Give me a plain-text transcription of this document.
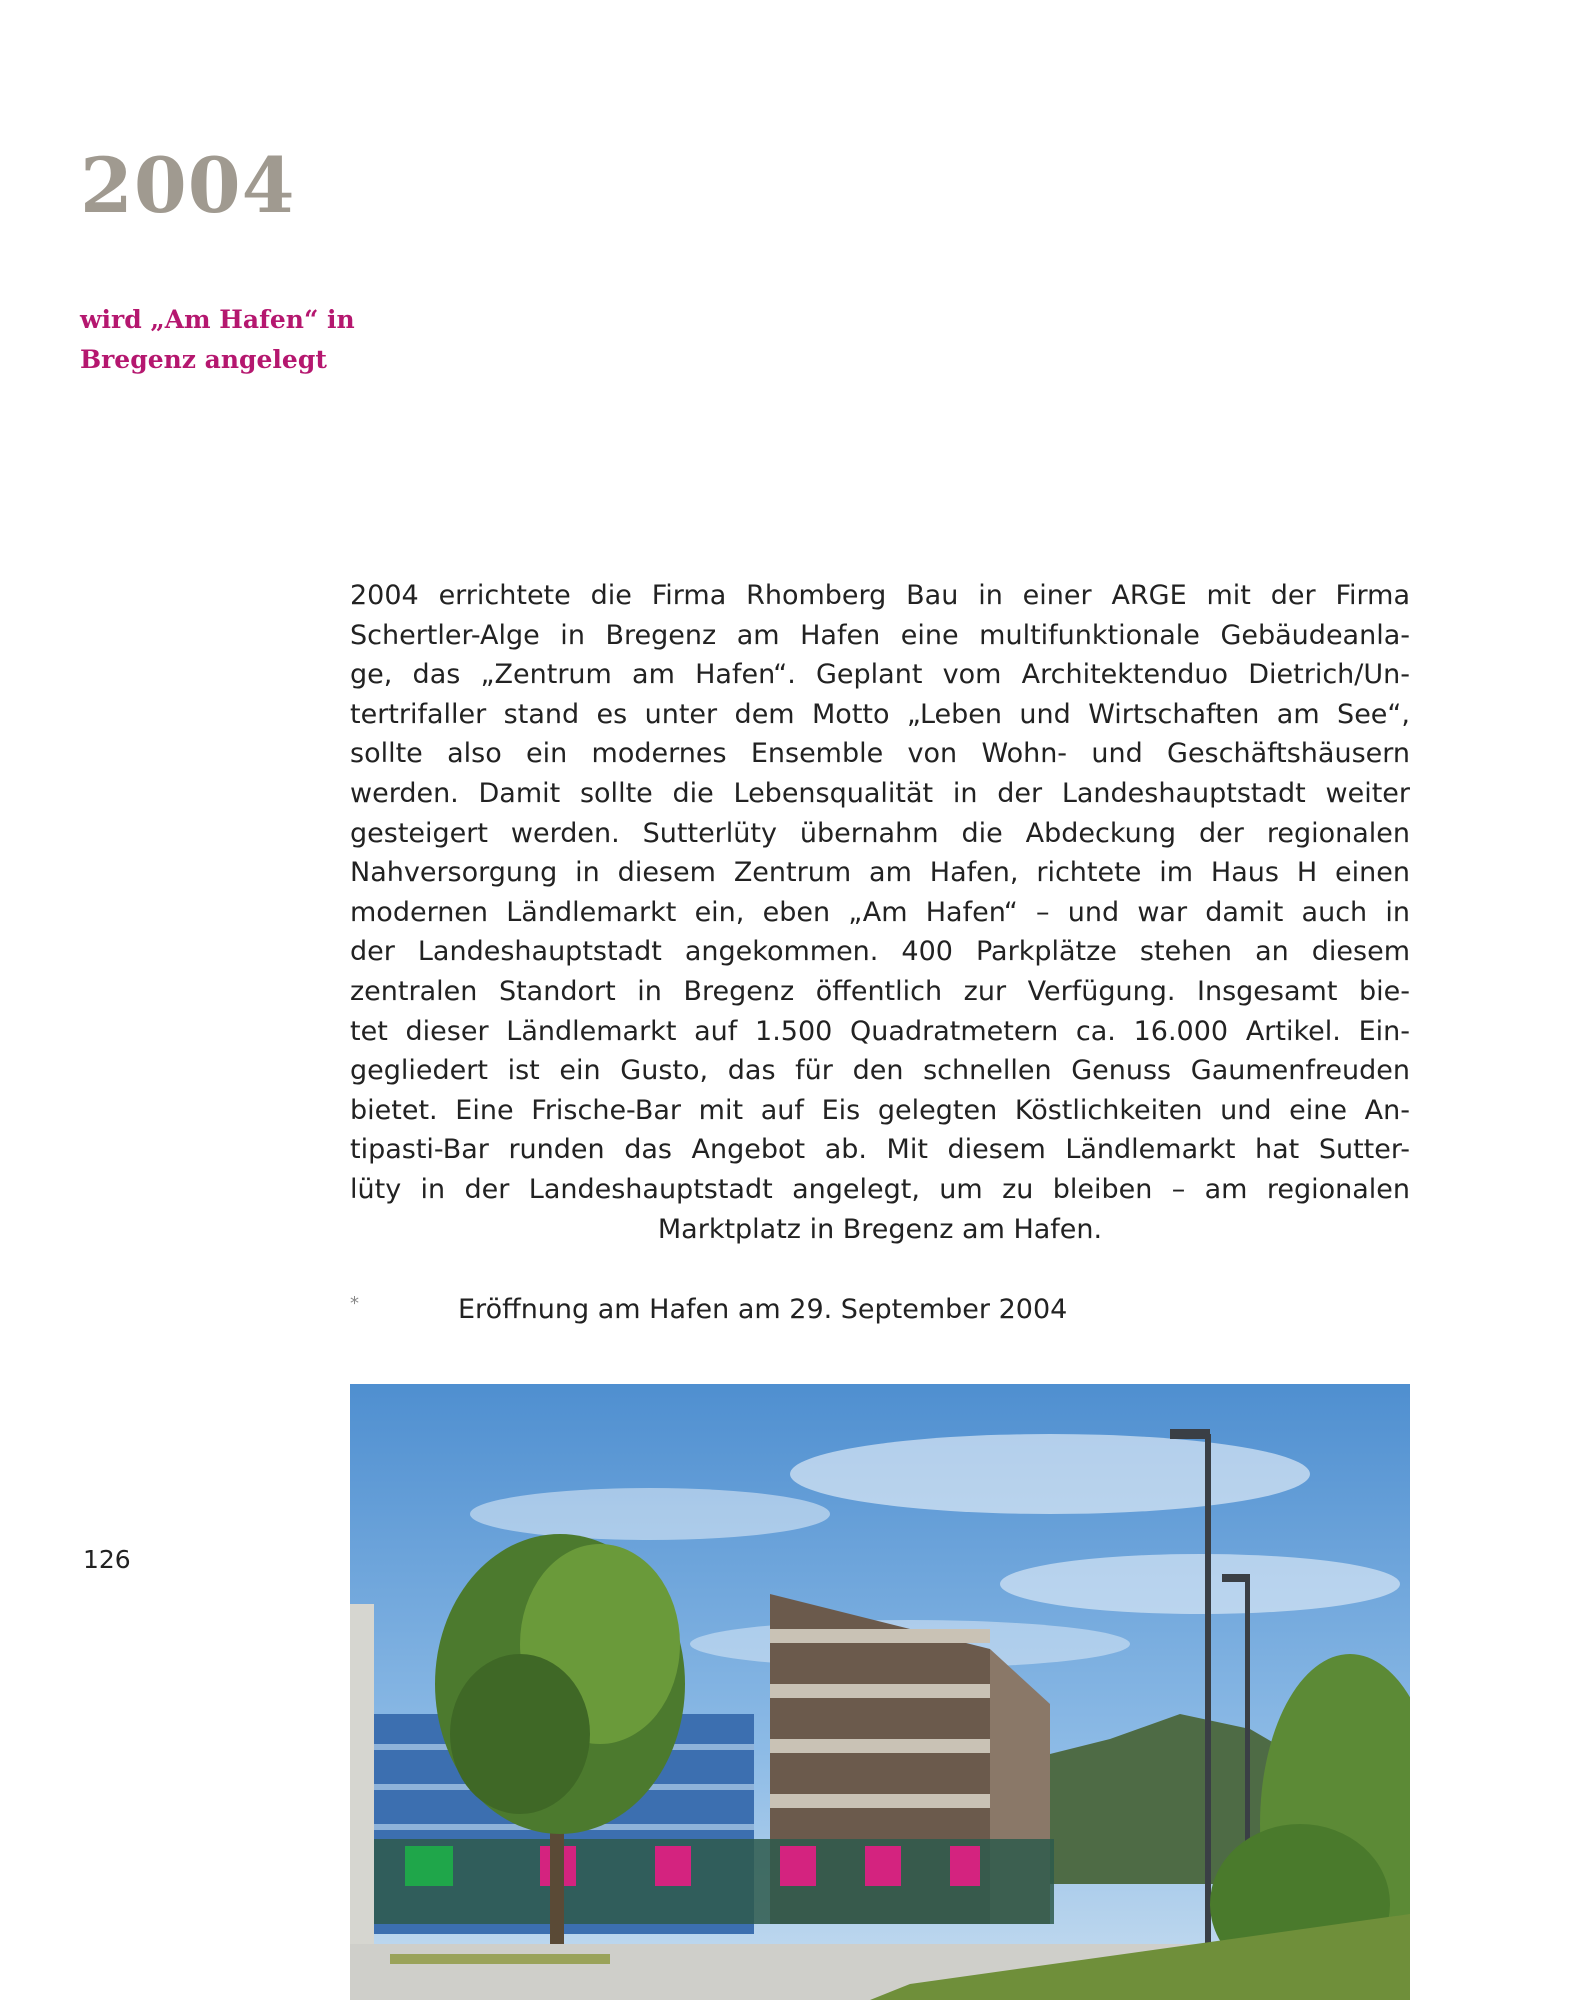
2004
wird „Am Hafen“ in
Bregenz angelegt
2004 errichtete die Firma Rhomberg Bau in einer ARGE mit der Firma
Schertler-Alge in Bregenz am Hafen eine multifunktionale Gebäudeanla-
ge, das „Zentrum am Hafen“. Geplant vom Architektenduo Dietrich/Un-
tertrifaller stand es unter dem Motto „Leben und Wirtschaften am See“,
sollte also ein modernes Ensemble von Wohn- und Geschäftshäusern
werden. Damit sollte die Lebensqualität in der Landeshauptstadt weiter
gesteigert werden. Sutterlüty übernahm die Abdeckung der regionalen
Nahversorgung in diesem Zentrum am Hafen, richtete im Haus H einen
modernen Ländlemarkt ein, eben „Am Hafen“ – und war damit auch in
der Landeshauptstadt angekommen. 400 Parkplätze stehen an diesem
zentralen Standort in Bregenz öffentlich zur Verfügung. Insgesamt bie-
tet dieser Ländlemarkt auf 1.500 Quadratmetern ca. 16.000 Artikel. Ein-
gegliedert ist ein Gusto, das für den schnellen Genuss Gaumenfreuden
bietet. Eine Frische-Bar mit auf Eis gelegten Köstlichkeiten und eine An-
tipasti-Bar runden das Angebot ab. Mit diesem Ländlemarkt hat Sutter-
lüty in der Landeshauptstadt angelegt, um zu bleiben – am regionalen
Marktplatz in Bregenz am Hafen.
*	Eröffnung am Hafen am 29. September 2004
126
